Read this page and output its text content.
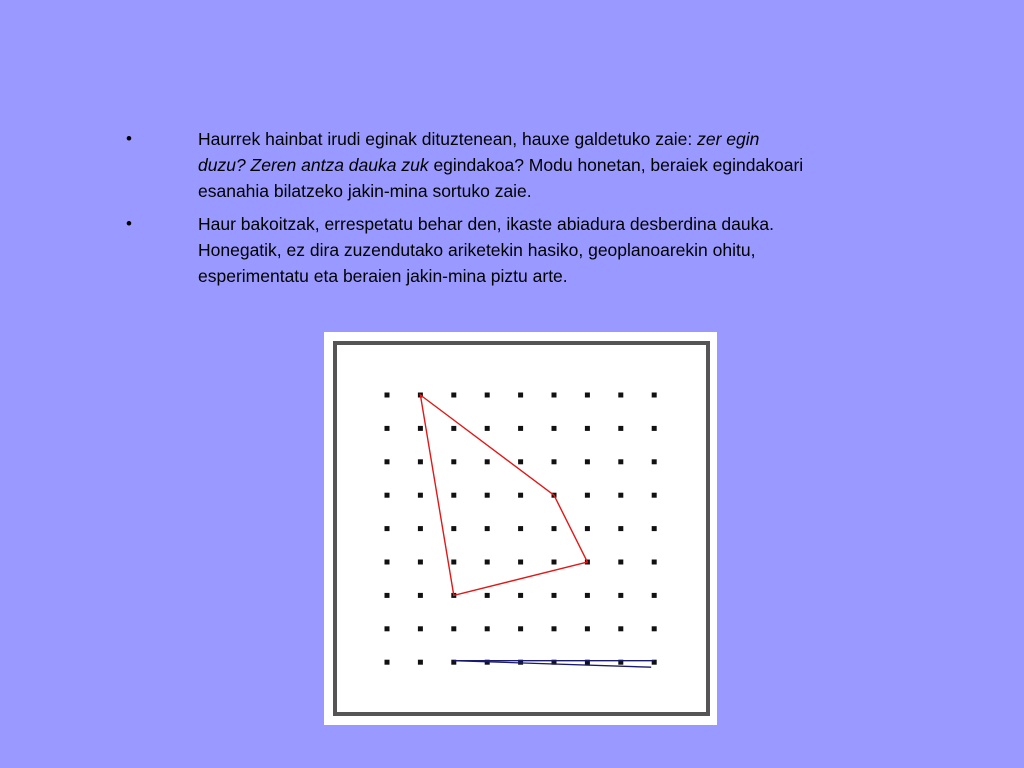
•	Haurrek hainbat irudi eginak dituztenean, hauxe galdetuko zaie: zer egin duzu? Zeren antza dauka zuk egindakoa? Modu honetan, beraiek egindakoari esanahia bilatzeko jakin-mina sortuko zaie.
•	Haur bakoitzak, errespetatu behar den, ikaste abiadura desberdina dauka. Honegatik, ez dira zuzendutako ariketekin hasiko, geoplanoarekin ohitu, esperimentatu eta beraien jakin-mina piztu arte.
